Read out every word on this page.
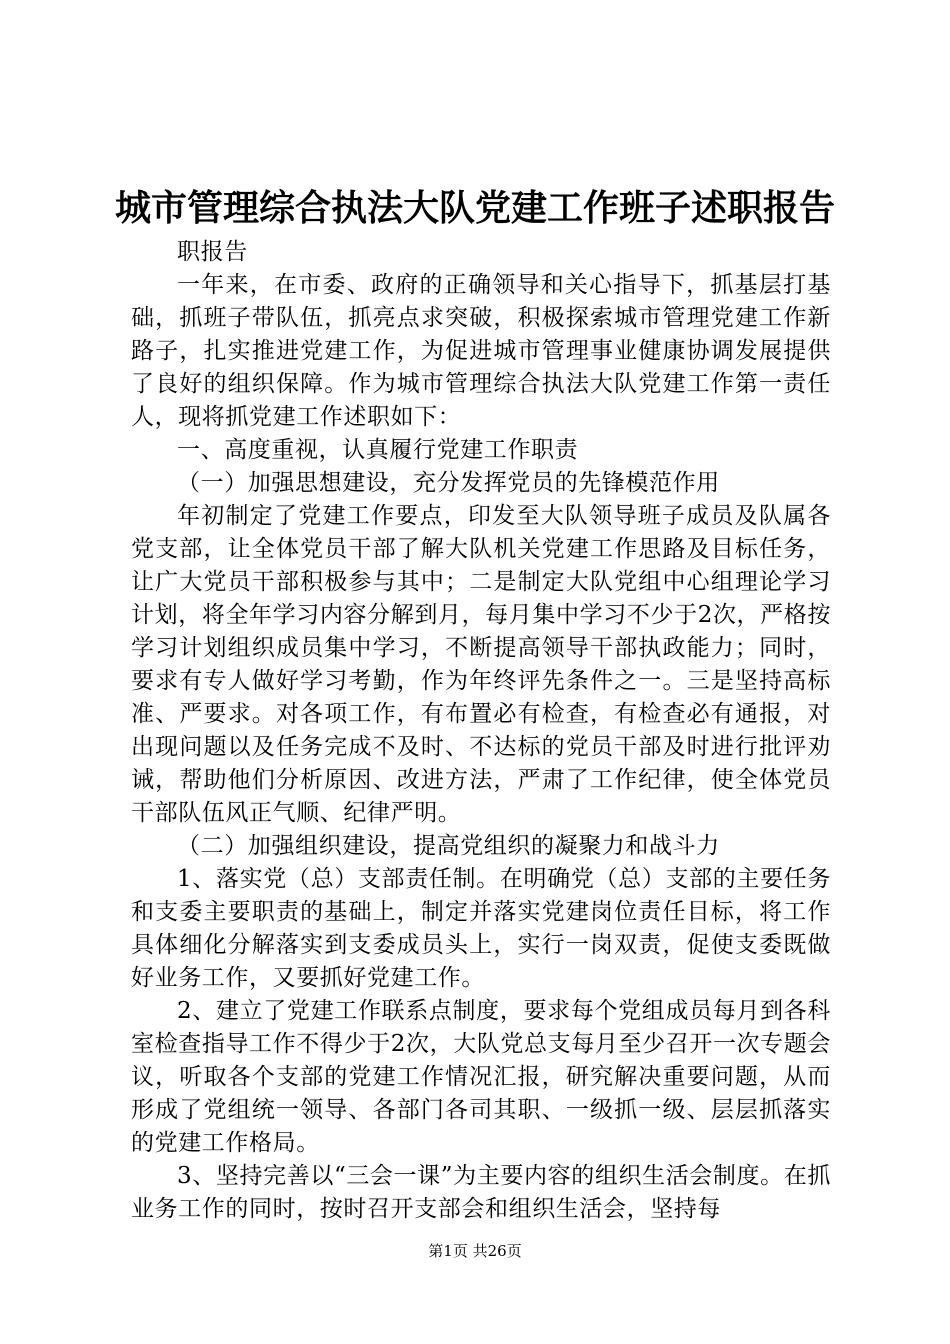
城市管理综合执法大队党建工作班子述职报告

职报告

一年来，在市委、政府的正确领导和关心指导下，抓基层打基础，抓班子带队伍，抓亮点求突破，积极探索城市管理党建工作新路子，扎实推进党建工作，为促进城市管理事业健康协调发展提供了良好的组织保障。作为城市管理综合执法大队党建工作第一责任人，现将抓党建工作述职如下：

一、高度重视，认真履行党建工作职责

（一）加强思想建设，充分发挥党员的先锋模范作用

年初制定了党建工作要点，印发至大队领导班子成员及队属各党支部，让全体党员干部了解大队机关党建工作思路及目标任务，让广大党员干部积极参与其中；二是制定大队党组中心组理论学习计划，将全年学习内容分解到月，每月集中学习不少于2次，严格按学习计划组织成员集中学习，不断提高领导干部执政能力；同时，要求有专人做好学习考勤，作为年终评先条件之一。三是坚持高标准、严要求。对各项工作，有布置必有检查，有检查必有通报，对出现问题以及任务完成不及时、不达标的党员干部及时进行批评劝诫，帮助他们分析原因、改进方法，严肃了工作纪律，使全体党员干部队伍风正气顺、纪律严明。

（二）加强组织建设，提高党组织的凝聚力和战斗力

1、落实党（总）支部责任制。在明确党（总）支部的主要任务和支委主要职责的基础上，制定并落实党建岗位责任目标，将工作具体细化分解落实到支委成员头上，实行一岗双责，促使支委既做好业务工作，又要抓好党建工作。

2、建立了党建工作联系点制度，要求每个党组成员每月到各科室检查指导工作不得少于2次，大队党总支每月至少召开一次专题会议，听取各个支部的党建工作情况汇报，研究解决重要问题，从而形成了党组统一领导、各部门各司其职、一级抓一级、层层抓落实的党建工作格局。

3、坚持完善以“三会一课”为主要内容的组织生活会制度。在抓业务工作的同时，按时召开支部会和组织生活会，坚持每

第1页 共26页
